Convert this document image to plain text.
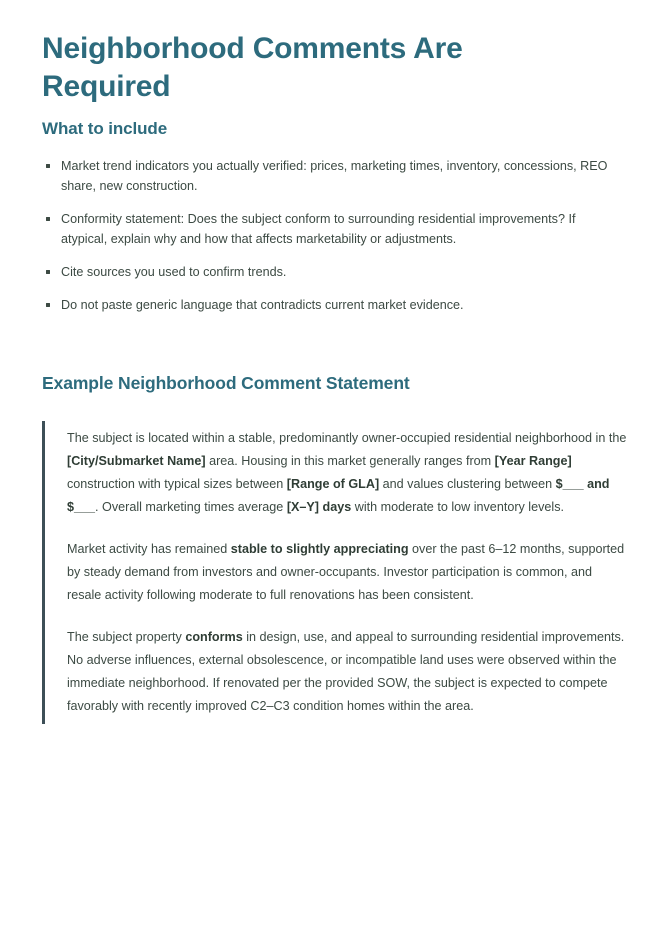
Neighborhood Comments Are Required
What to include
Market trend indicators you actually verified: prices, marketing times, inventory, concessions, REO share, new construction.
Conformity statement: Does the subject conform to surrounding residential improvements? If atypical, explain why and how that affects marketability or adjustments.
Cite sources you used to confirm trends.
Do not paste generic language that contradicts current market evidence.
Example Neighborhood Comment Statement

The subject is located within a stable, predominantly owner-occupied residential neighborhood in the [City/Submarket Name] area. Housing in this market generally ranges from [Year Range] construction with typical sizes between [Range of GLA] and values clustering between $___ and $___. Overall marketing times average [X–Y] days with moderate to low inventory levels.

Market activity has remained stable to slightly appreciating over the past 6–12 months, supported by steady demand from investors and owner-occupants. Investor participation is common, and resale activity following moderate to full renovations has been consistent.

The subject property conforms in design, use, and appeal to surrounding residential improvements. No adverse influences, external obsolescence, or incompatible land uses were observed within the immediate neighborhood. If renovated per the provided SOW, the subject is expected to compete favorably with recently improved C2–C3 condition homes within the area.
